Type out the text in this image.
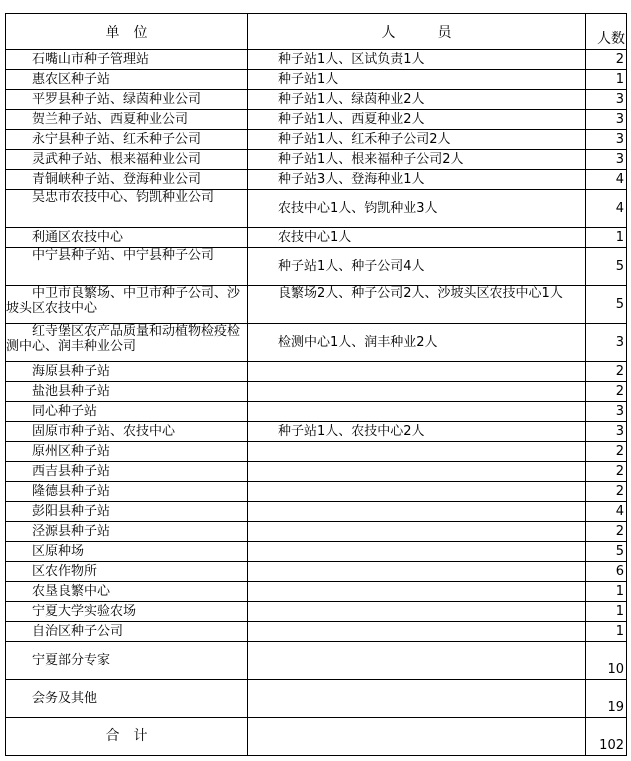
单　位	人　　　员	人数
石嘴山市种子管理站	种子站1人、区试负责1人	2
惠农区种子站	种子站1人	1
平罗县种子站、绿茵种业公司	种子站1人、绿茵种业2人	3
贺兰种子站、西夏种业公司	种子站1人、西夏种业2人	3
永宁县种子站、红禾种子公司	种子站1人、红禾种子公司2人	3
灵武种子站、根来福种业公司	种子站1人、根来福种子公司2人	3
青铜峡种子站、登海种业公司	种子站3人、登海种业1人	4
吴忠市农技中心、钧凯种业公司	农技中心1人、钧凯种业3人	4
利通区农技中心	农技中心1人	1
中宁县种子站、中宁县种子公司	种子站1人、种子公司4人	5
中卫市良繁场、中卫市种子公司、沙坡头区农技中心	良繁场2人、种子公司2人、沙坡头区农技中心1人	5
红寺堡区农产品质量和动植物检疫检测中心、润丰种业公司	检测中心1人、润丰种业2人	3
海原县种子站		2
盐池县种子站		2
同心种子站		3
固原市种子站、农技中心	种子站1人、农技中心2人	3
原州区种子站		2
西吉县种子站		2
隆德县种子站		2
彭阳县种子站		4
泾源县种子站		2
区原种场		5
区农作物所		6
农垦良繁中心		1
宁夏大学实验农场		1
自治区种子公司		1
宁夏部分专家		10
会务及其他		19
合　计		102
